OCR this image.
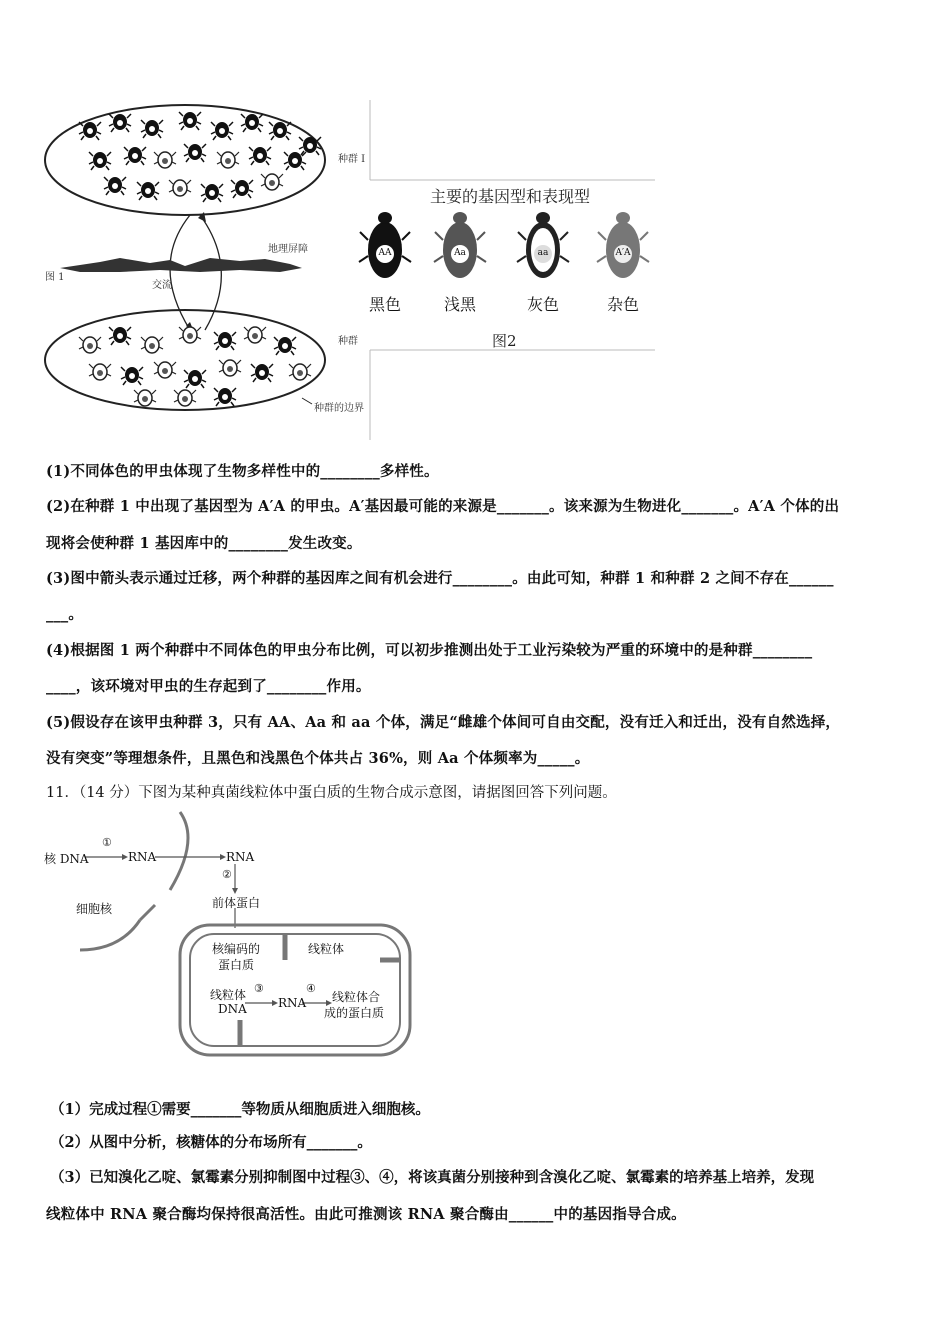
种群 I
交流
地理屏障
图 1
种群
种群的边界
主要的基因型和表现型
AA	Aa	aa	A′A
黑色	浅黑	灰色	杂色
图2
(1)不同体色的甲虫体现了生物多样性中的________多样性。
(2)在种群 1 中出现了基因型为 A′A 的甲虫。A′基因最可能的来源是_______。该来源为生物进化_______。A′A 个体的出
现将会使种群 1 基因库中的________发生改变。
(3)图中箭头表示通过迁移，两个种群的基因库之间有机会进行________。由此可知，种群 1 和种群 2 之间不存在______
___。
(4)根据图 1 两个种群中不同体色的甲虫分布比例，可以初步推测出处于工业污染较为严重的环境中的是种群________
____，该环境对甲虫的生存起到了________作用。
(5)假设存在该甲虫种群 3，只有 AA、Aa 和 aa 个体，满足“雌雄个体间可自由交配，没有迁入和迁出，没有自然选择，
没有突变”等理想条件，且黑色和浅黑色个体共占 36%，则 Aa 个体频率为_____。
11．（14 分）下图为某种真菌线粒体中蛋白质的生物合成示意图，请据图回答下列问题。
核 DNA
①
RNA	RNA
②
细胞核	前体蛋白
核编码的
蛋白质
线粒体
线粒体
DNA
③
RNA
④
线粒体合
成的蛋白质
（1）完成过程①需要_______等物质从细胞质进入细胞核。
（2）从图中分析，核糖体的分布场所有_______。
（3）已知溴化乙啶、氯霉素分别抑制图中过程③、④，将该真菌分别接种到含溴化乙啶、氯霉素的培养基上培养，发现
线粒体中 RNA 聚合酶均保持很高活性。由此可推测该 RNA 聚合酶由______中的基因指导合成。
